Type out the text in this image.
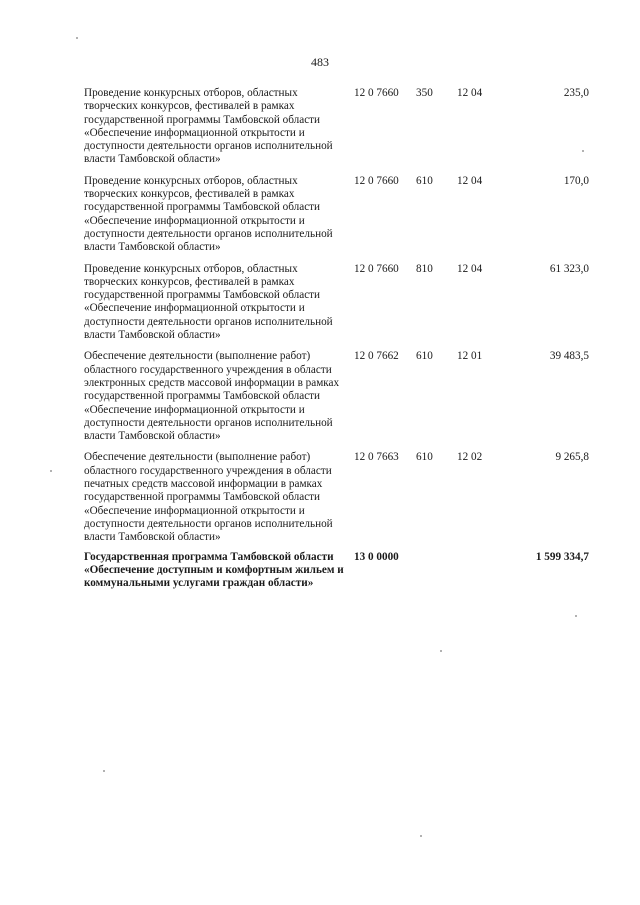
483
Проведение конкурсных отборов, областных творческих конкурсов, фестивалей в рамках государственной программы Тамбовской области «Обеспечение информационной открытости и доступности деятельности органов исполнительной власти Тамбовской области»
12 0 7660 350 12 04	235,0
Проведение конкурсных отборов, областных творческих конкурсов, фестивалей в рамках государственной программы Тамбовской области «Обеспечение информационной открытости и доступности деятельности органов исполнительной власти Тамбовской области»
12 0 7660 610 12 04	170,0
Проведение конкурсных отборов, областных творческих конкурсов, фестивалей в рамках государственной программы Тамбовской области «Обеспечение информационной открытости и доступности деятельности органов исполнительной власти Тамбовской области»
12 0 7660 810 12 04	61 323,0
Обеспечение деятельности (выполнение работ) областного государственного учреждения в области электронных средств массовой информации в рамках государственной программы Тамбовской области «Обеспечение информационной открытости и доступности деятельности органов исполнительной власти Тамбовской области»
12 0 7662 610 12 01	39 483,5
Обеспечение деятельности (выполнение работ) областного государственного учреждения в области печатных средств массовой информации в рамках государственной программы Тамбовской области «Обеспечение информационной открытости и доступности деятельности органов исполнительной власти Тамбовской области»
12 0 7663 610 12 02	9 265,8
Государственная программа Тамбовской области «Обеспечение доступным и комфортным жильем и коммунальными услугами граждан области»
13 0 0000	1 599 334,7
